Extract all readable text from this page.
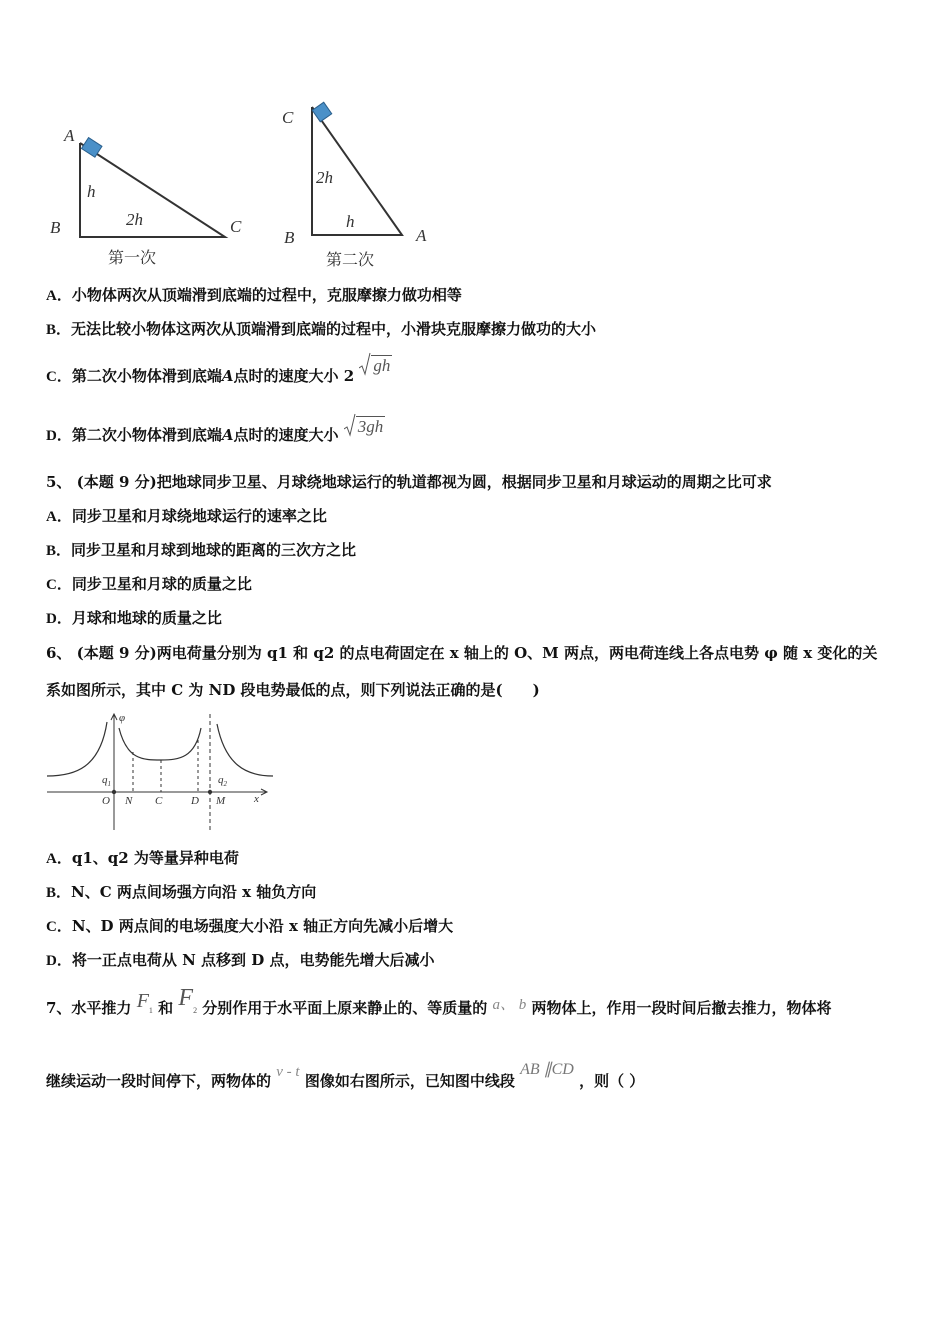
A
B	C
h
2h
第一次
C
B	A
2h
h
第二次
A．小物体两次从顶端滑到底端的过程中，克服摩擦力做功相等
B．无法比较小物体这两次从顶端滑到底端的过程中，小滑块克服摩擦力做功的大小
C．第二次小物体滑到底端A点时的速度大小 2
gh
D．第二次小物体滑到底端A点时的速度大小 3gh
5、 (本题 9 分)把地球同步卫星、月球绕地球运行的轨道都视为圆，根据同步卫星和月球运动的周期之比可求
A．同步卫星和月球绕地球运行的速率之比
B．同步卫星和月球到地球的距离的三次方之比
C．同步卫星和月球的质量之比
D．月球和地球的质量之比
6、 (本题 9 分)两电荷量分别为 q1 和 q2 的点电荷固定在 x 轴上的 O、M 两点，两电荷连线上各点电势 φ 随 x 变化的关
系如图所示，其中 C 为 ND 段电势最低的点，则下列说法正确的是(　　)
φ
$q_1$	$q_2$
O N C	D M	x
A．q1、q2 为等量异种电荷
B．N、C 两点间场强方向沿 x 轴负方向
C．N、D 两点间的电场强度大小沿 x 轴正方向先减小后增大
D．将一正点电荷从 N 点移到 D 点，电势能先增大后减小
7、水平推力 F1 和 F2 分别作用于水平面上原来静止的、等质量的 a、 b 两物体上，作用一段时间后撤去推力，物体将
继续运动一段时间停下，两物体的 v - t 图像如右图所示，已知图中线段 AB ∥CD ，则（ ）
